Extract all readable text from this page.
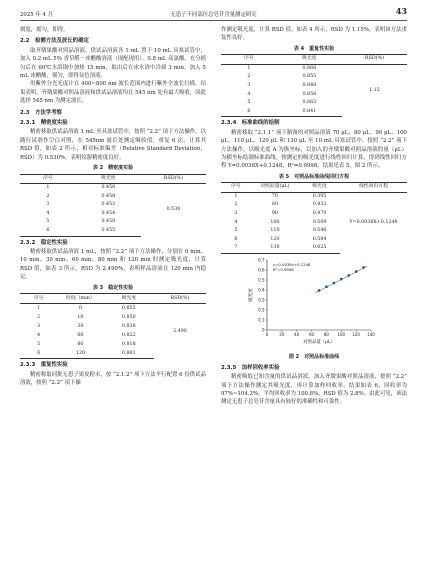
2025 年 4 月	无患子不同部位总皂苷含量测定研究	43

刻度，摇匀，即得。

2.2　检测方法及波长的确定

取齐墩果酸对照品溶液、供试品溶液各 1 mL 置于 10 mL 具塞试管中，加入 0.2 mL 5% 香草醛－冰醋酸溶液（现配现用）、0.8 mL 高氯酸，充分摇匀后在 60℃水浴锅中加热 15 min，取出后在冰水浴中冷却 3 min，加入 5 mL 冰醋酸，摇匀，即得显色溶液。

用紫外分光光度计在 400~800 nm 波长范围内进行紫外全波长扫描。结果表明，齐墩果酸对照品溶液和供试品溶液均在 545 nm 处有最大吸收，因此选择 545 nm 为测定波长。

2.3　方法学考察
2.3.1　精密度实验

精密移取供试品溶液 1 mL 至具塞试管中，按照 “2.2” 项下方法操作，以随行试剂作空白对照，在 545nm 波长处测定吸收值，重复 6 次，计算其 RSD 值，如表 2 所示，相对标准偏差（Relative Standard Deviation，RSD）为 0.530%，表明仪器精密度良好。

表 2　精密度实验
序号	吸光度	RSD(%)
1	0.458	0.530
2	0.458	
3	0.452	
4	0.454	
5	0.458	
6	0.455	
2.3.2　稳定性实验

精密移取供试品溶液 1 mL，按照 “2.2” 项下方法操作，分别在 0 min、10 min、30 min、60 min、80 min 和 120 min 时测定吸光度，计算 RSD 值，如表 3 所示，RSD 为 2.490%，表明样品溶液在 120 min 内稳定。

表 3　稳定性实验
序号	时间（min）	吸光度	RSD(%)
1	0	0.855	2.490
2	10	0.850	
3	30	0.838	
4	60	0.822	
5	80	0.818	
6	120	0.801	
2.3.3　重复性实验

精密称取同批无患子果皮粉末，按 “2.1.2” 项下方法平行配置 6 份供试品溶液，按照 “2.2” 项下操

作测定吸光度，计算 RSD 值，如表 4 所示，RSD 为 1.15%，表明该方法重复性良好。

表 4　重复性实验
序号	吸光度	RSD(%)
1	0.868	1.15
2	0.855	
3	0.848	
4	0.858	
5	0.863	
6	0.841	
2.3.4　标准曲线的绘制

精密移取 “2.1.1” 项下制备的对照品溶液 70 μL、80 μL、90 μL、100 μL、110 μL、120 μL 和 130 μL 至 10 mL 具塞试管中，按照 “2.2” 项下方法操作，以吸光度 A 为纵坐标，以加入的齐墩果酸对照品溶液的量（μL）为横坐标绘制标准曲线。按测定的吸光度进行线性回归计算，得到线性回归方程 Y=0.0038X+0.1248，R²=0.9998。结果见表 5，图 2 所示。

表 5　对照品标准曲线回归方程
序号	对照品量(μL)	吸光度	线性回归方程
1	70	0.395	Y=0.0038X+0.1248
2	80	0.432	
3	90	0.470	
4	100	0.509	
5	110	0.546	
6	120	0.584	
7	130	0.625	
0	20 40 60 80 100 120 140
0
0.1
0.2
0.3
0.4
0.5
0.6
0.7
y=0.0038x+0.1248
R²=0.9998
对照品量（μL）
吸光度
图 2　对照品标准曲线
2.3.5　加样回收率实验

精密吸取已知含量的供试品溶液，加入齐墩果酸对照品溶液，按照 “2.2” 项下方法操作测定其吸光度，再计算加样回收率，结果如表 6，回收率为 97%~104.2%，平均回收率为 100.8%，RSD 值为 2.8%。由此可见，该法测定无患子总皂苷含量具有较好的准确性和可靠性。
